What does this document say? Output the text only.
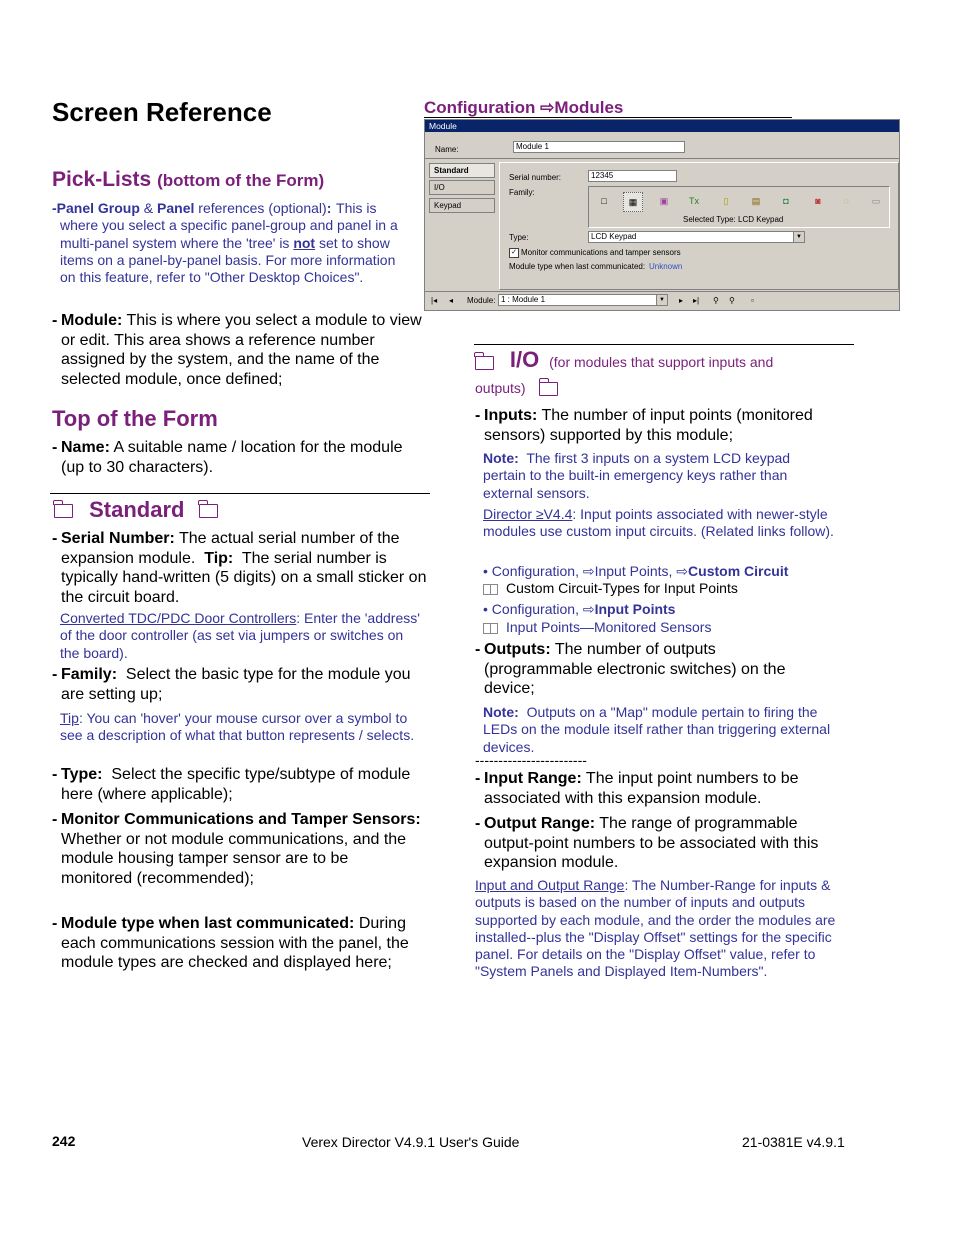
Screen Reference
Pick-Lists (bottom of the Form)
-Panel Group & Panel references (optional): This is where you select a specific panel-group and panel in a multi-panel system where the 'tree' is not set to show items on a panel-by-panel basis. For more information on this feature, refer to "Other Desktop Choices".
- Module: This is where you select a module to view or edit. This area shows a reference number assigned by the system, and the name of the selected module, once defined;
Top of the Form
- Name: A suitable name / location for the module (up to 30 characters).
Standard
- Serial Number: The actual serial number of the expansion module. Tip: The serial number is typically hand-written (5 digits) on a small sticker on the circuit board.
Converted TDC/PDC Door Controllers: Enter the 'address' of the door controller (as set via jumpers or switches on the board).
- Family: Select the basic type for the module you are setting up;
Tip: You can 'hover' your mouse cursor over a symbol to see a description of what that button represents / selects.
- Type: Select the specific type/subtype of module here (where applicable);
- Monitor Communications and Tamper Sensors: Whether or not module communications, and the module housing tamper sensor are to be monitored (recommended);
- Module type when last communicated: During each communications session with the panel, the module types are checked and displayed here;
Configuration ⇨Modules
Module
Name:	Module 1
Standard
I/O
Keypad
Serial number:	12345
Family:
□	▦	▣	Tx	▯	▤	◘	◙	◌	▭
Selected Type: LCD Keypad
Type:	LCD Keypad	▼
✓ Monitor communications and tamper sensors
Module type when last communicated: Unknown
|◂ ◂ Module: 1 : Module 1	▼ ▸ ▸| ⚲ ⚲ ▫
I/O (for modules that support inputs and
outputs)
- Inputs: The number of input points (monitored sensors) supported by this module;
Note: The first 3 inputs on a system LCD keypad pertain to the built-in emergency keys rather than external sensors.
Director ≥V4.4: Input points associated with newer-style modules use custom input circuits. (Related links follow).
• Configuration, ⇨Input Points, ⇨Custom Circuit
Custom Circuit-Types for Input Points
• Configuration, ⇨Input Points
Input Points—Monitored Sensors
- Outputs: The number of outputs (programmable electronic switches) on the device;
Note: Outputs on a "Map" module pertain to firing the LEDs on the module itself rather than triggering external devices.
------------------------
- Input Range: The input point numbers to be associated with this expansion module.
- Output Range: The range of programmable output-point numbers to be associated with this expansion module.
Input and Output Range: The Number-Range for inputs & outputs is based on the number of inputs and outputs supported by each module, and the order the modules are installed--plus the "Display Offset" settings for the specific panel. For details on the "Display Offset" value, refer to "System Panels and Displayed Item-Numbers".
242	Verex Director V4.9.1 User's Guide	21-0381E v4.9.1
